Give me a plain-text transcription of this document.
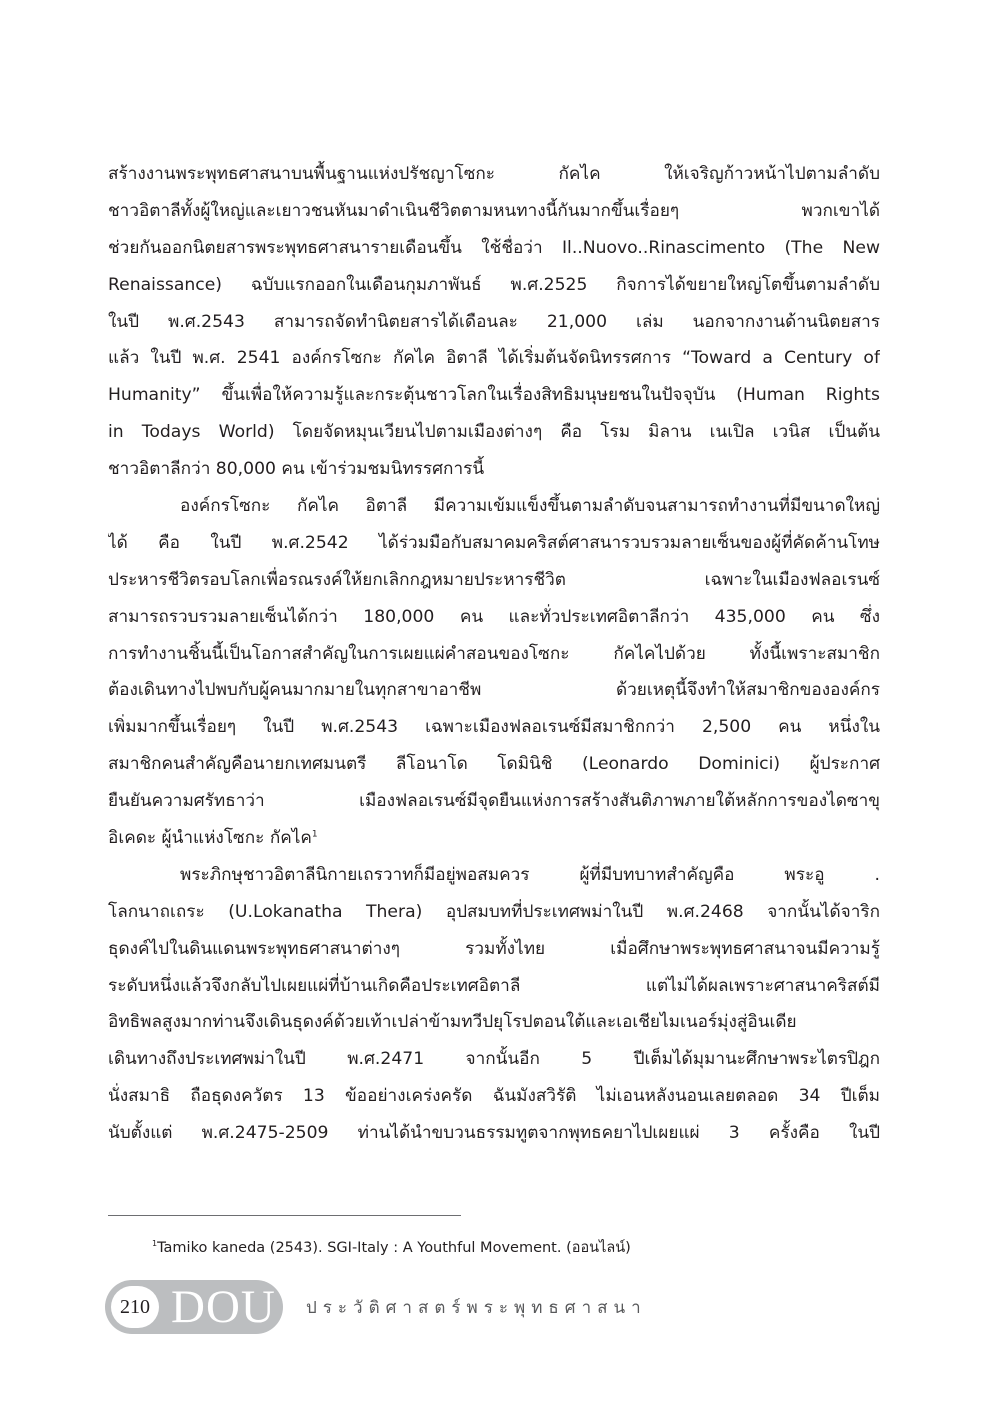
สร้างงานพระพุทธศาสนาบนพื้นฐานแห่งปรัชญาโซกะ กัคไค ให้เจริญก้าวหน้าไปตามลำดับ
ชาวอิตาลีทั้งผู้ใหญ่และเยาวชนหันมาดำเนินชีวิตตามหนทางนี้กันมากขึ้นเรื่อยๆ พวกเขาได้
ช่วยกันออกนิตยสารพระพุทธศาสนารายเดือนขึ้น ใช้ชื่อว่า Il..Nuovo..Rinascimento (The New
Renaissance) ฉบับแรกออกในเดือนกุมภาพันธ์ พ.ศ.2525 กิจการได้ขยายใหญ่โตขึ้นตามลำดับ
ในปี พ.ศ.2543 สามารถจัดทำนิตยสารได้เดือนละ 21,000 เล่ม นอกจากงานด้านนิตยสาร
แล้ว ในปี พ.ศ. 2541 องค์กรโซกะ กัคไค อิตาลี ได้เริ่มต้นจัดนิทรรศการ “Toward a Century of
Humanity” ขึ้นเพื่อให้ความรู้และกระตุ้นชาวโลกในเรื่องสิทธิมนุษยชนในปัจจุบัน (Human Rights
in Todays World) โดยจัดหมุนเวียนไปตามเมืองต่างๆ คือ โรม มิลาน เนเปิล เวนิส เป็นต้น
ชาวอิตาลีกว่า 80,000 คน เข้าร่วมชมนิทรรศการนี้
องค์กรโซกะ กัคไค อิตาลี มีความเข้มแข็งขึ้นตามลำดับจนสามารถทำงานที่มีขนาดใหญ่
ได้ คือ ในปี พ.ศ.2542 ได้ร่วมมือกับสมาคมคริสต์ศาสนารวบรวมลายเซ็นของผู้ที่คัดค้านโทษ
ประหารชีวิตรอบโลกเพื่อรณรงค์ให้ยกเลิกกฎหมายประหารชีวิต เฉพาะในเมืองฟลอเรนซ์
สามารถรวบรวมลายเซ็นได้กว่า 180,000 คน และทั่วประเทศอิตาลีกว่า 435,000 คน ซึ่ง
การทำงานชิ้นนี้เป็นโอกาสสำคัญในการเผยแผ่คำสอนของโซกะ กัคไคไปด้วย ทั้งนี้เพราะสมาชิก
ต้องเดินทางไปพบกับผู้คนมากมายในทุกสาขาอาชีพ ด้วยเหตุนี้จึงทำให้สมาชิกขององค์กร
เพิ่มมากขึ้นเรื่อยๆ ในปี พ.ศ.2543 เฉพาะเมืองฟลอเรนซ์มีสมาชิกกว่า 2,500 คน หนึ่งใน
สมาชิกคนสำคัญคือนายกเทศมนตรี ลีโอนาโด โดมินิชิ (Leonardo Dominici) ผู้ประกาศ
ยืนยันความศรัทธาว่า เมืองฟลอเรนซ์มีจุดยืนแห่งการสร้างสันติภาพภายใต้หลักการของไดซาขุ
อิเคดะ ผู้นำแห่งโซกะ กัคไค$^1$
พระภิกษุชาวอิตาลีนิกายเถรวาทก็มีอยู่พอสมควร ผู้ที่มีบทบาทสำคัญคือ พระอู .
โลกนาถเถระ (U.Lokanatha Thera) อุปสมบทที่ประเทศพม่าในปี พ.ศ.2468 จากนั้นได้จาริก
ธุดงค์ไปในดินแดนพระพุทธศาสนาต่างๆ รวมทั้งไทย เมื่อศึกษาพระพุทธศาสนาจนมีความรู้
ระดับหนึ่งแล้วจึงกลับไปเผยแผ่ที่บ้านเกิดคือประเทศอิตาลี แต่ไม่ได้ผลเพราะศาสนาคริสต์มี
อิทธิพลสูงมากท่านจึงเดินธุดงค์ด้วยเท้าเปล่าข้ามทวีปยุโรปตอนใต้และเอเชียไมเนอร์มุ่งสู่อินเดีย
เดินทางถึงประเทศพม่าในปี พ.ศ.2471 จากนั้นอีก 5 ปีเต็มได้มุมานะศึกษาพระไตรปิฎก
นั่งสมาธิ ถือธุดงควัตร 13 ข้ออย่างเคร่งครัด ฉันมังสวิรัติ ไม่เอนหลังนอนเลยตลอด 34 ปีเต็ม
นับตั้งแต่ พ.ศ.2475-2509 ท่านได้นำขบวนธรรมทูตจากพุทธคยาไปเผยแผ่ 3 ครั้งคือ ในปี
$^1$Tamiko kaneda (2543). SGI-Italy : A Youthful Movement. (ออนไลน์)
210 DOU ประวัติศาสตร์พระพุทธศาสนา
